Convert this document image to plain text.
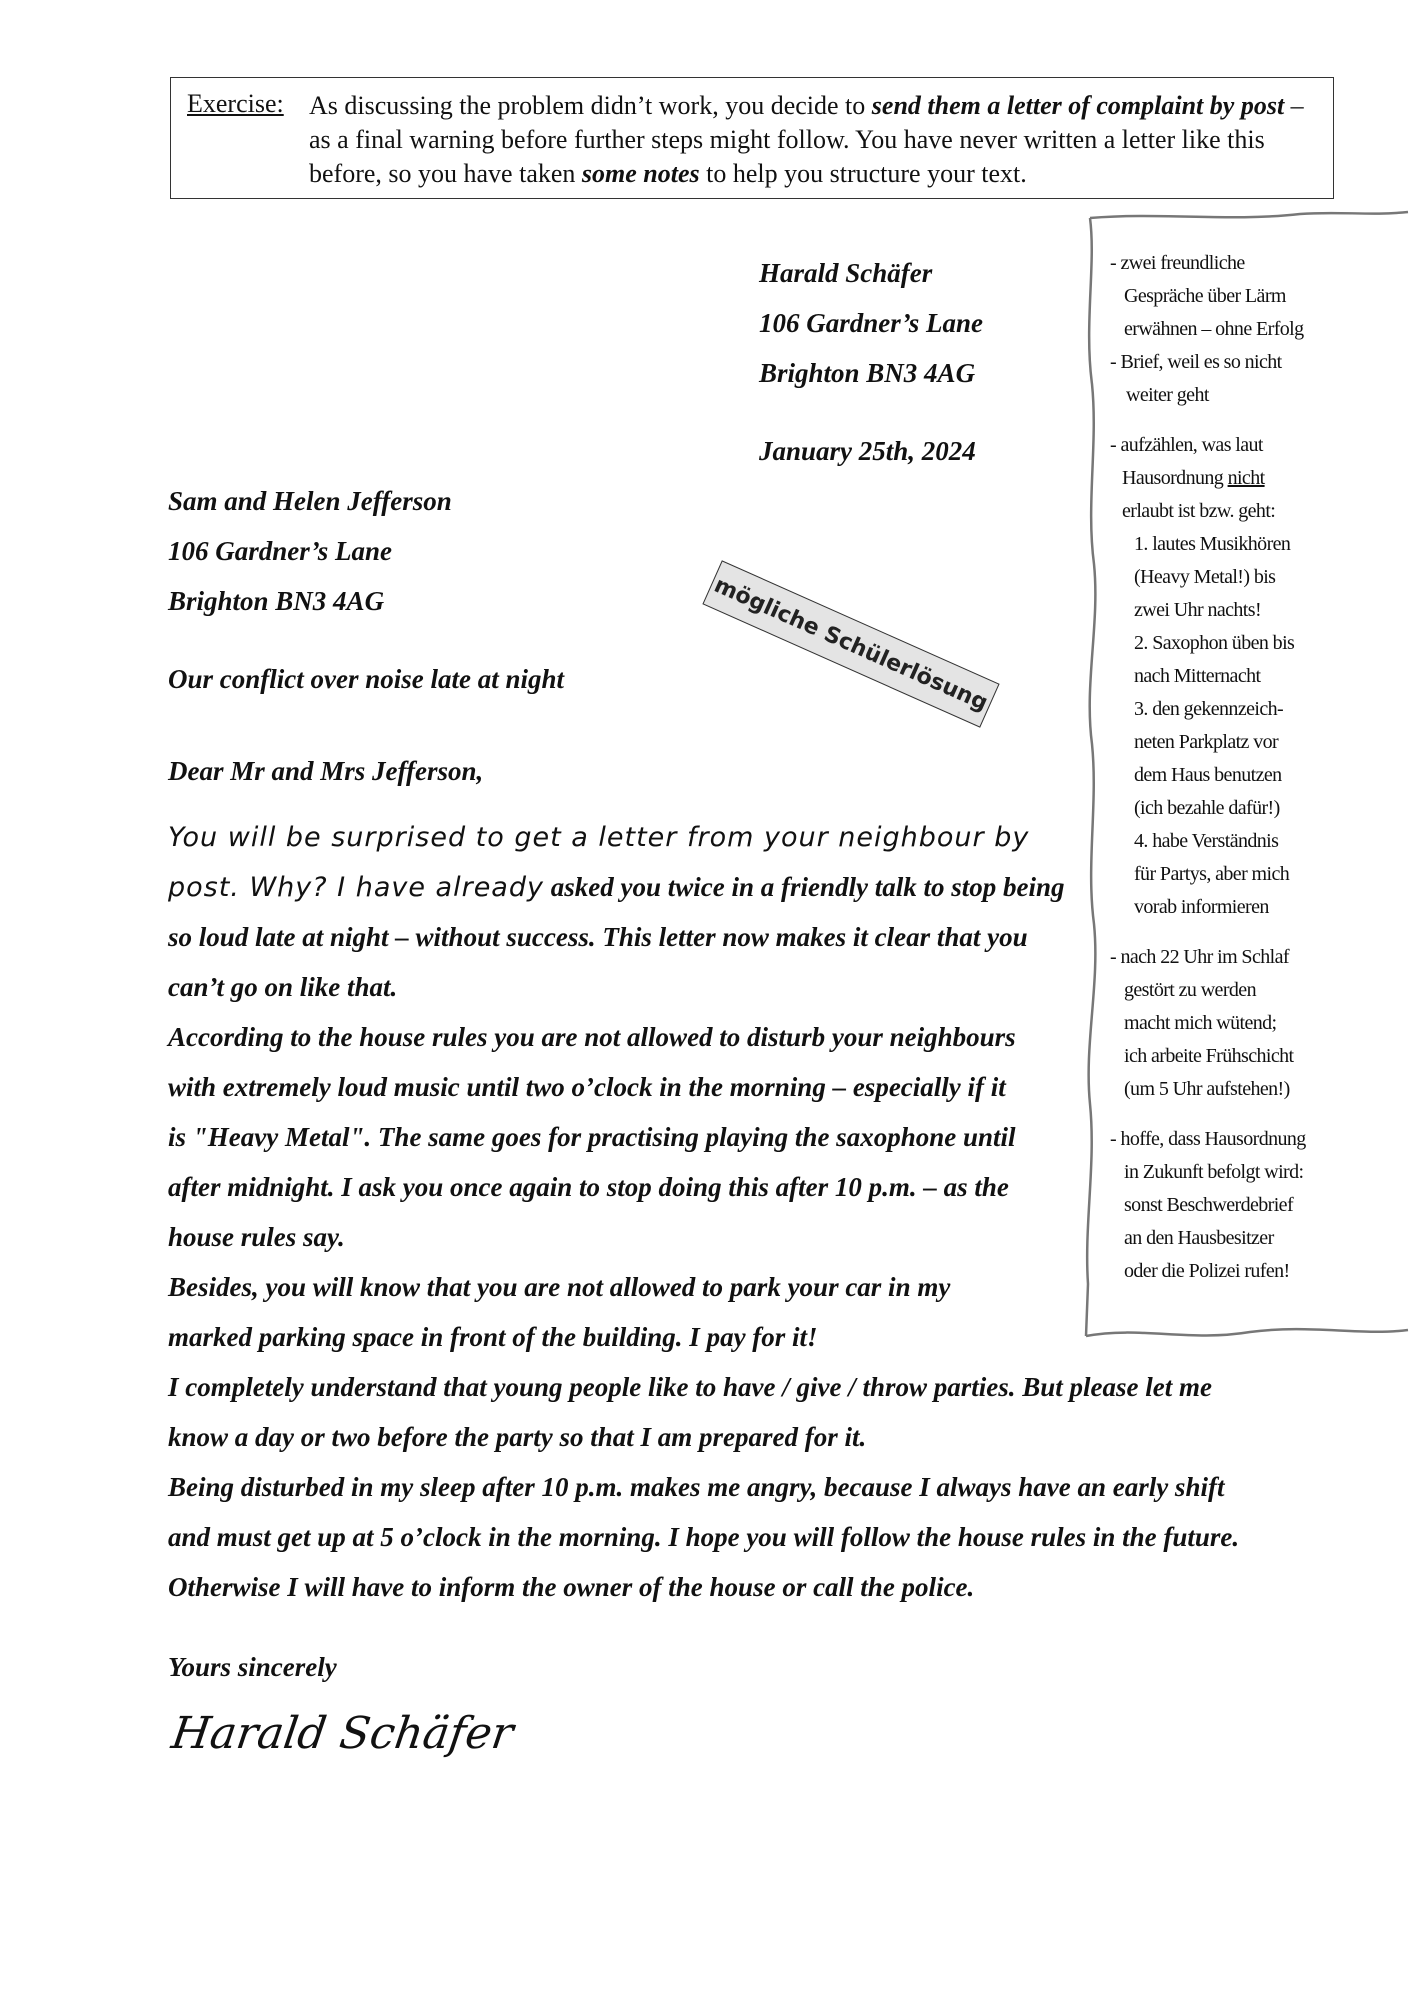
Exercise: As discussing the problem didn’t work, you decide to send them a letter of complaint by post – as a final warning before further steps might follow. You have never written a letter like this before, so you have taken some notes to help you structure your text.
- zwei freundliche
Gespräche über Lärm
erwähnen – ohne Erfolg
- Brief, weil es so nicht
weiter geht
- aufzählen, was laut
Hausordnung nicht
erlaubt ist bzw. geht:
1. lautes Musikhören
(Heavy Metal!) bis
zwei Uhr nachts!
2. Saxophon üben bis
nach Mitternacht
3. den gekennzeich-
neten Parkplatz vor
dem Haus benutzen
(ich bezahle dafür!)
4. habe Verständnis
für Partys, aber mich
vorab informieren
- nach 22 Uhr im Schlaf
gestört zu werden
macht mich wütend;
ich arbeite Frühschicht
(um 5 Uhr aufstehen!)
- hoffe, dass Hausordnung
in Zukunft befolgt wird:
sonst Beschwerdebrief
an den Hausbesitzer
oder die Polizei rufen!
Harald Schäfer
106 Gardner’s Lane
Brighton BN3 4AG
January 25th, 2024
Sam and Helen Jefferson
106 Gardner’s Lane
Brighton BN3 4AG	mögliche Schülerlösung
Our conflict over noise late at night
Dear Mr and Mrs Jefferson,
You will be surprised to get a letter from your neighbour by
post. Why? I have already asked you twice in a friendly talk to stop being
so loud late at night – without success. This letter now makes it clear that you
can’t go on like that.
According to the house rules you are not allowed to disturb your neighbours
with extremely loud music until two o’clock in the morning – especially if it
is "Heavy Metal". The same goes for practising playing the saxophone until
after midnight. I ask you once again to stop doing this after 10 p.m. – as the
house rules say.
Besides, you will know that you are not allowed to park your car in my
marked parking space in front of the building. I pay for it!
I completely understand that young people like to have / give / throw parties. But please let me
know a day or two before the party so that I am prepared for it.
Being disturbed in my sleep after 10 p.m. makes me angry, because I always have an early shift
and must get up at 5 o’clock in the morning. I hope you will follow the house rules in the future.
Otherwise I will have to inform the owner of the house or call the police.
Yours sincerely
Harald Schäfer
